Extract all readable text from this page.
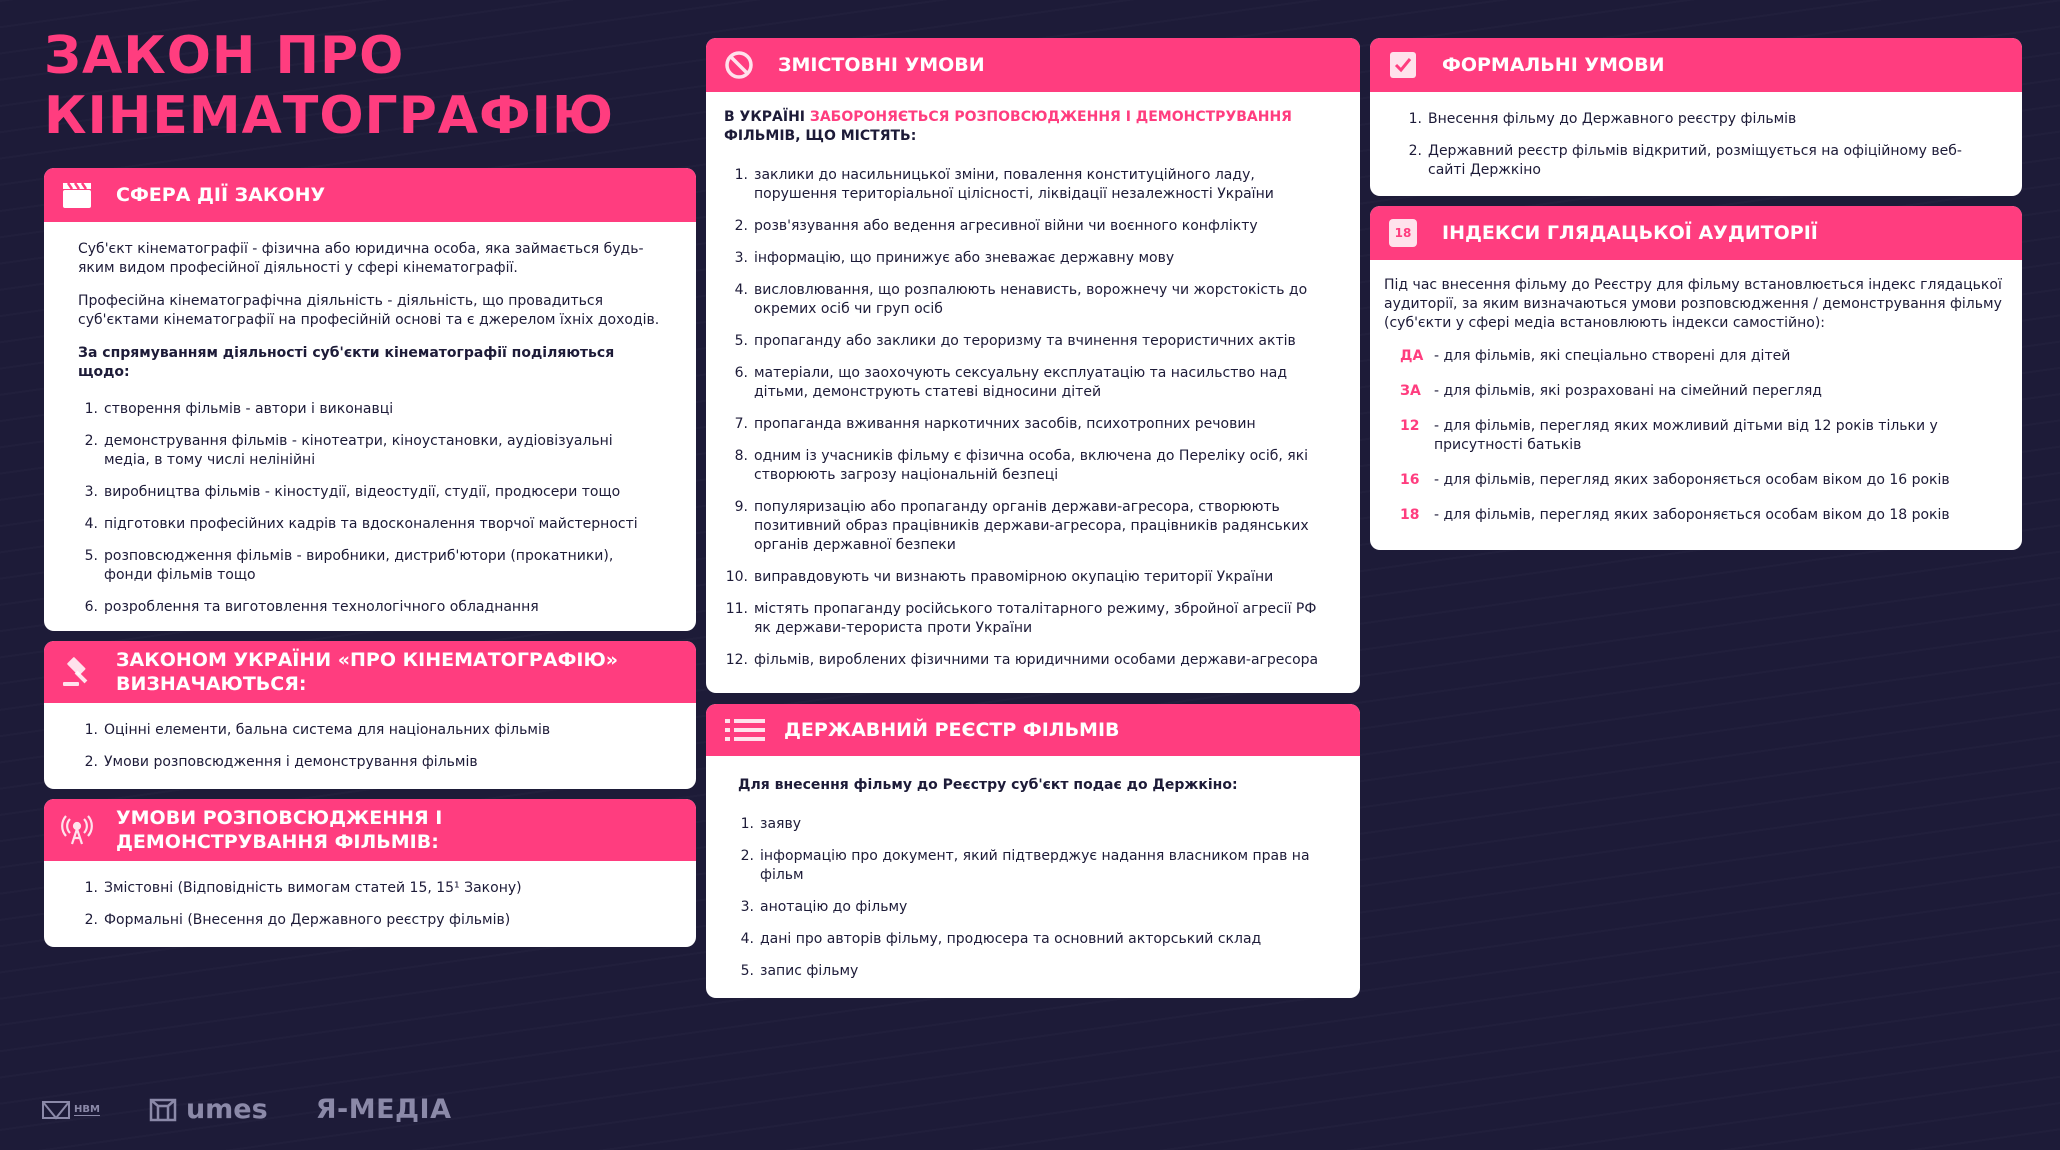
ЗАКОН ПРО
КІНЕМАТОГРАФІЮ
СФЕРА ДІЇ ЗАКОНУ

Суб'єкт кінематографії - фізична або юридична особа, яка займається будь-яким видом професійної діяльності у сфері кінематографії.

Професійна кінематографічна діяльність - діяльність, що провадиться суб'єктами кінематографії на професійній основі та є джерелом їхніх доходів.

За спрямуванням діяльності суб'єкти кінематографії поділяються щодо:

1. створення фільмів - автори і виконавці
2. демонстрування фільмів - кінотеатри, кіноустановки, аудіовізуальні медіа, в тому числі нелінійні
3. виробництва фільмів - кіностудії, відеостудії, студії, продюсери тощо
4. підготовки професійних кадрів та вдосконалення творчої майстерності
5. розповсюдження фільмів - виробники, дистриб'ютори (прокатники), фонди фільмів тощо
6. розроблення та виготовлення технологічного обладнання
ЗАКОНОМ УКРАЇНИ «ПРО КІНЕМАТОГРАФІЮ» ВИЗНАЧАЮТЬСЯ:
1. Оцінні елементи, бальна система для національних фільмів
2. Умови розповсюдження і демонстрування фільмів
УМОВИ РОЗПОВСЮДЖЕННЯ І ДЕМОНСТРУВАННЯ ФІЛЬМІВ:
1. Змістовні (Відповідність вимогам статей 15, 15¹ Закону)
2. Формальні (Внесення до Державного реєстру фільмів)
ЗМІСТОВНІ УМОВИ

В УКРАЇНІ ЗАБОРОНЯЄТЬСЯ РОЗПОВСЮДЖЕННЯ І ДЕМОНСТРУВАННЯ ФІЛЬМІВ, ЩО МІСТЯТЬ:

1. заклики до насильницької зміни, повалення конституційного ладу, порушення територіальної цілісності, ліквідації незалежності України
2. розв'язування або ведення агресивної війни чи воєнного конфлікту
3. інформацію, що принижує або зневажає державну мову
4. висловлювання, що розпалюють ненависть, ворожнечу чи жорстокість до окремих осіб чи груп осіб
5. пропаганду або заклики до тероризму та вчинення терористичних актів
6. матеріали, що заохочують сексуальну експлуатацію та насильство над дітьми, демонструють статеві відносини дітей
7. пропаганда вживання наркотичних засобів, психотропних речовин
8. одним із учасників фільму є фізична особа, включена до Переліку осіб, які створюють загрозу національній безпеці
9. популяризацію або пропаганду органів держави-агресора, створюють позитивний образ працівників держави-агресора, працівників радянських органів державної безпеки
10. виправдовують чи визнають правомірною окупацію території України
11. містять пропаганду російського тоталітарного режиму, збройної агресії РФ як держави-терориста проти України
12. фільмів, вироблених фізичними та юридичними особами держави-агресора
ДЕРЖАВНИЙ РЕЄСТР ФІЛЬМІВ

Для внесення фільму до Реєстру суб'єкт подає до Держкіно:

1. заяву
2. інформацію про документ, який підтверджує надання власником прав на фільм
3. анотацію до фільму
4. дані про авторів фільму, продюсера та основний акторський склад
5. запис фільму
ФОРМАЛЬНІ УМОВИ
1. Внесення фільму до Державного реєстру фільмів
2. Державний реєстр фільмів відкритий, розміщується на офіційному веб-сайті Держкіно
18 ІНДЕКСИ ГЛЯДАЦЬКОЇ АУДИТОРІЇ

Під час внесення фільму до Реєстру для фільму встановлюється індекс глядацької аудиторії, за яким визначаються умови розповсюдження / демонстрування фільму (суб'єкти у сфері медіа встановлюють індекси самостійно):

ДА - для фільмів, які спеціально створені для дітей
ЗА - для фільмів, які розраховані на сімейний перегляд
12	- для фільмів, перегляд яких можливий дітьми від 12 років тільки у присутності батьків
16	- для фільмів, перегляд яких забороняється особам віком до 16 років
18	- для фільмів, перегляд яких забороняється особам віком до 18 років
НВМ	umes Я-МЕДІА
